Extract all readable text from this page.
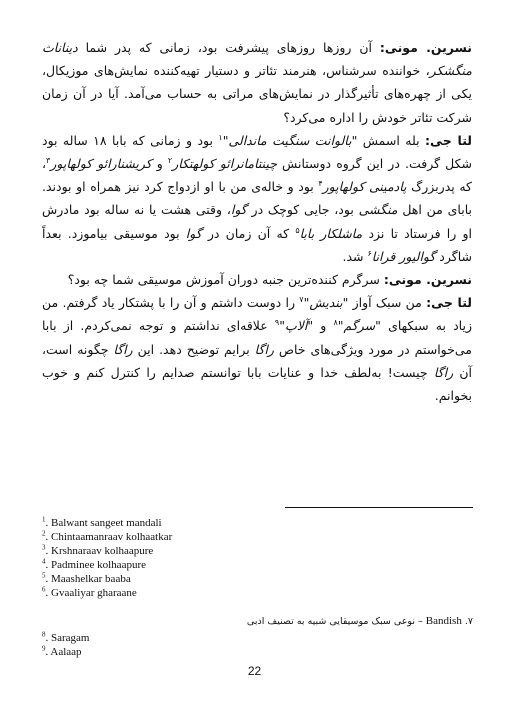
نسرین. مونی: آن روزها روزهای پیشرفت بود، زمانی که پدر شما دیناناث منگشکر، خواننده سرشناس، هنرمند تئاتر و دستیار تهیه‌کننده نمایش‌های موزیکال، یکی از چهره‌های تأثیرگذار در نمایش‌های مراتی به حساب می‌آمد. آیا در آن زمان شرکت تئاتر خودش را اداره می‌کرد؟

لتا جی: بله اسمش "بالوانت سنگیت ماندالی"$^۱$ بود و زمانی که بابا ۱۸ ساله بود شکل گرفت. در این گروه دوستانش چینتامانرائو کولهتکار$^۲$ و کریشنارائو کولهاپور$^۳$، که پدربزرگ پادمینی کولهاپور$^۴$ بود و خاله‌ی من با او ازدواج کرد نیز همراه او بودند. بابای من اهل منگشی بود، جایی کوچک در گوا، وقتی هشت یا نه ساله بود مادرش او را فرستاد تا نزد ماشلکار بابا$^۵$ که آن زمان در گوا بود موسیقی بیاموزد. بعداً شاگرد گوالیور قرانا$^۶$ شد.

نسرین. مونی: سرگرم کننده‌ترین جنبه دوران آموزش موسیقی شما چه بود؟

لتا جی: من سبک آواز "بندیش"$^۷$ را دوست داشتم و آن را با پشتکار یاد گرفتم. من زیاد به سبکهای "سرگم"$^۸$ و "آلاپ"$^۹$ علاقه‌ای نداشتم و توجه نمی‌کردم. از بابا می‌خواستم در مورد ویژگی‌های خاص راگا برایم توضیح دهد. این راگا چگونه است، آن راگا چیست! به‌لطف خدا و عنایات بابا توانستم صدایم را کنترل کنم و خوب بخوانم.

$^1$. Balwant sangeet mandali
$^2$. Chintaamanraav kolhaatkar
$^3$. Krshnaraav kolhaapure
$^4$. Padminee kolhaapure
$^5$. Maashelkar baaba
$^6$. Gvaaliyar gharaane
۷. Bandish – نوعی سبک موسیقایی شبیه به تصنیف ادبی
$^8$. Saragam
$^9$. Aalaap
22
